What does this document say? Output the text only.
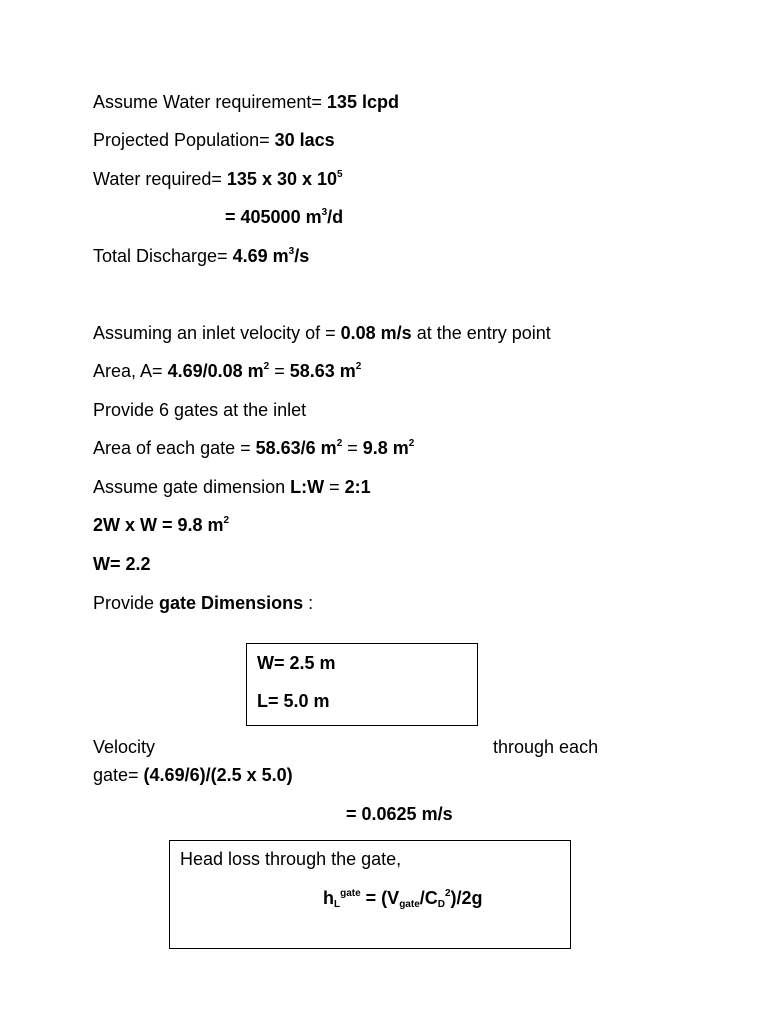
Assume Water requirement= 135 lcpd
Projected Population= 30 lacs
Water required= 135 x 30 x $10^5$
= 405000 $m^3/d$
Total Discharge= 4.69 $m^3/s$
Assuming an inlet velocity of = 0.08 m/s at the entry point
Area, A= 4.69/0.08 $m^2 = 58.63$ $m^2$
Provide 6 gates at the inlet
Area of each gate = 58.63/6 $m^2 = 9.8$ $m^2$
Assume gate dimension L:W = 2:1
2W x W = 9.8 $m^2$
W= 2.2
Provide gate Dimensions :
W= 2.5 m
L= 5.0 m
Velocity	through each
gate= (4.69/6)/(2.5 x 5.0)
= 0.0625 m/s
Head loss through the gate,
$h_L^{gate} = (V_{gate}/C_D^2)/2g$
